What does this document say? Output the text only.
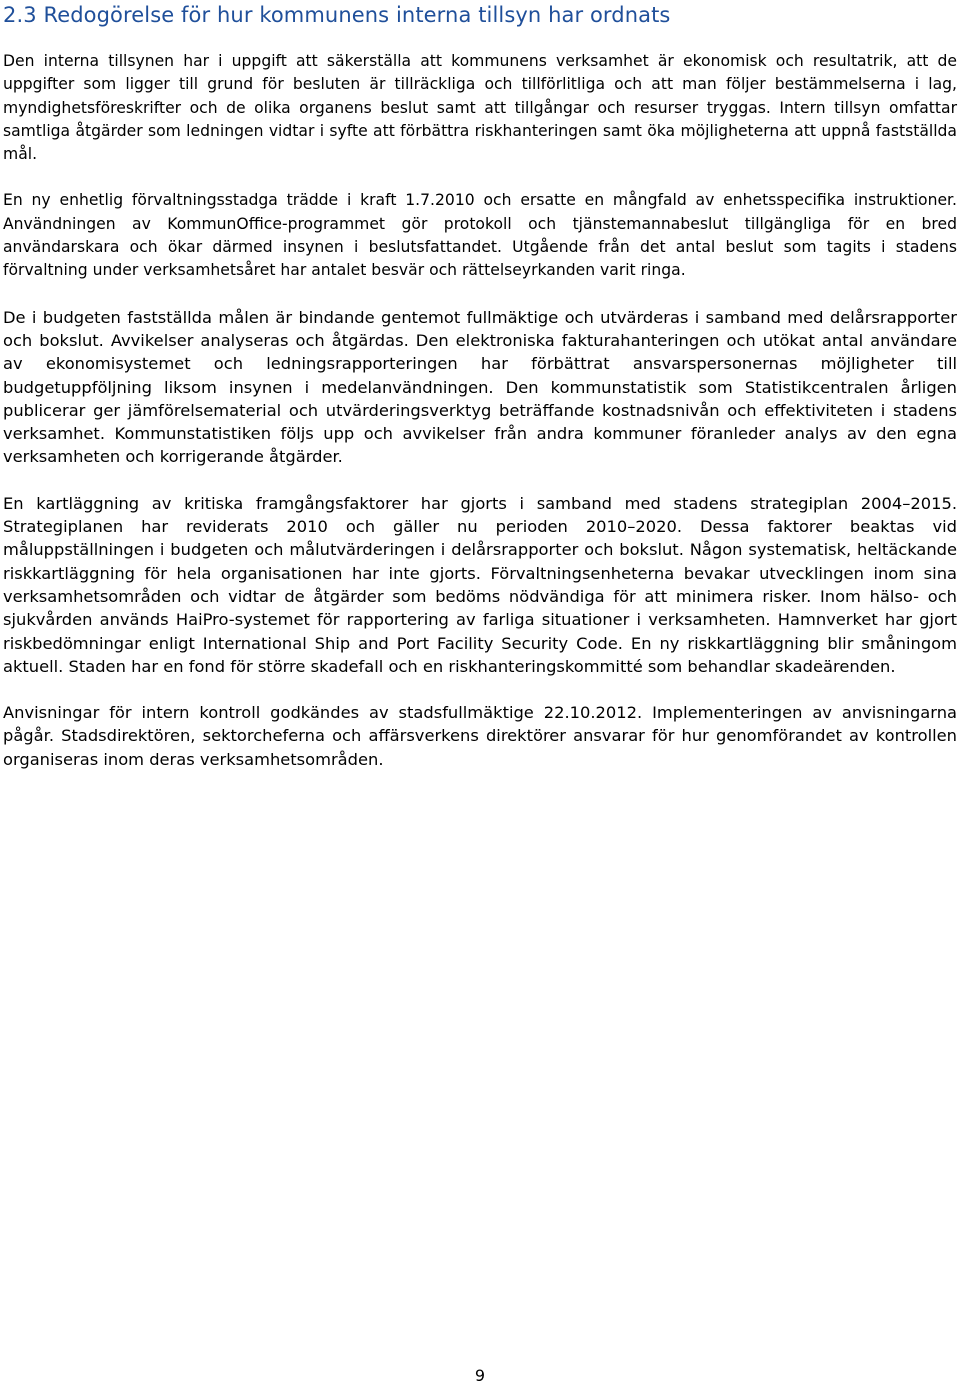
2.3 Redogörelse för hur kommunens interna tillsyn har ordnats

Den interna tillsynen har i uppgift att säkerställa att kommunens verksamhet är ekonomisk och resultatrik, att de uppgifter som ligger till grund för besluten är tillräckliga och tillförlitliga och att man följer bestämmelserna i lag, myndighetsföreskrifter och de olika organens beslut samt att tillgångar och resurser tryggas. Intern tillsyn omfattar samtliga åtgärder som ledningen vidtar i syfte att förbättra riskhanteringen samt öka möjligheterna att uppnå fastställda mål.

En ny enhetlig förvaltningsstadga trädde i kraft 1.7.2010 och ersatte en mångfald av enhetsspecifika instruktioner. Användningen av KommunOffice-programmet gör protokoll och tjänstemannabeslut tillgängliga för en bred användarskara och ökar därmed insynen i beslutsfattandet. Utgående från det antal beslut som tagits i stadens förvaltning under verksamhetsåret har antalet besvär och rättelseyrkanden varit ringa.

De i budgeten fastställda målen är bindande gentemot fullmäktige och utvärderas i samband med delårsrapporter och bokslut. Avvikelser analyseras och åtgärdas. Den elektroniska fakturahanteringen och utökat antal användare av ekonomisystemet och ledningsrapporteringen har förbättrat ansvarspersonernas möjligheter till budgetuppföljning liksom insynen i medelanvändningen. Den kommunstatistik som Statistikcentralen årligen publicerar ger jämförelsematerial och utvärderingsverktyg beträffande kostnadsnivån och effektiviteten i stadens verksamhet. Kommunstatistiken följs upp och avvikelser från andra kommuner föranleder analys av den egna verksamheten och korrigerande åtgärder.

En kartläggning av kritiska framgångsfaktorer har gjorts i samband med stadens strategiplan 2004–2015. Strategiplanen har reviderats 2010 och gäller nu perioden 2010–2020. Dessa faktorer beaktas vid måluppställningen i budgeten och målutvärderingen i delårsrapporter och bokslut. Någon systematisk, heltäckande riskkartläggning för hela organisationen har inte gjorts. Förvaltningsenheterna bevakar utvecklingen inom sina verksamhetsområden och vidtar de åtgärder som bedöms nödvändiga för att minimera risker. Inom hälso- och sjukvården används HaiPro-systemet för rapportering av farliga situationer i verksamheten. Hamnverket har gjort riskbedömningar enligt International Ship and Port Facility Security Code. En ny riskkartläggning blir småningom aktuell. Staden har en fond för större skadefall och en riskhanteringskommitté som behandlar skadeärenden.

Anvisningar för intern kontroll godkändes av stadsfullmäktige 22.10.2012. Implementeringen av anvisningarna pågår. Stadsdirektören, sektorcheferna och affärsverkens direktörer ansvarar för hur genomförandet av kontrollen organiseras inom deras verksamhetsområden.

9
